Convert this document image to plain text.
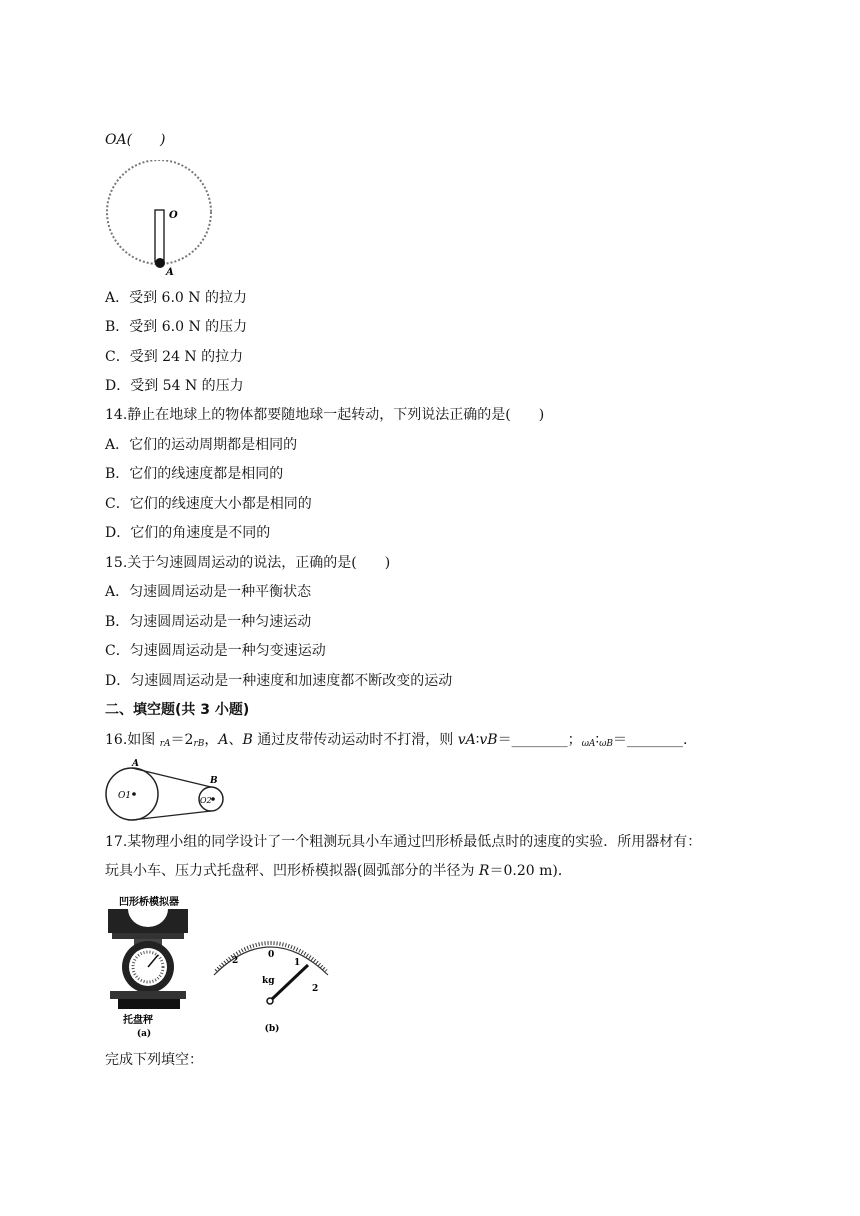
OA(　　)
O
A
A．受到 6.0 N 的拉力
B．受到 6.0 N 的压力
C．受到 24 N 的拉力
D．受到 54 N 的压力
14.静止在地球上的物体都要随地球一起转动，下列说法正确的是(　　)
A．它们的运动周期都是相同的
B．它们的线速度都是相同的
C．它们的线速度大小都是相同的
D．它们的角速度是不同的
15.关于匀速圆周运动的说法，正确的是(　　)
A．匀速圆周运动是一种平衡状态
B．匀速圆周运动是一种匀速运动
C．匀速圆周运动是一种匀变速运动
D．匀速圆周运动是一种速度和加速度都不断改变的运动
二、填空题(共 3 小题)
16.如图 $_{rA}=2_{rB}$，A、B 通过皮带传动运动时不打滑，则 vA∶vB＝________；$_{\omega A}∶_{\omega B}=\_\_\_\_\_\_\_\_$.
A
B
O1	O2
17.某物理小组的同学设计了一个粗测玩具小车通过凹形桥最低点时的速度的实验．所用器材有：
玩具小车、压力式托盘秤、凹形桥模拟器(圆弧部分的半径为 R＝0.20 m)．
凹形桥模拟器
托盘秤
(a)
2
0
1
2
kg
(b)
完成下列填空：
